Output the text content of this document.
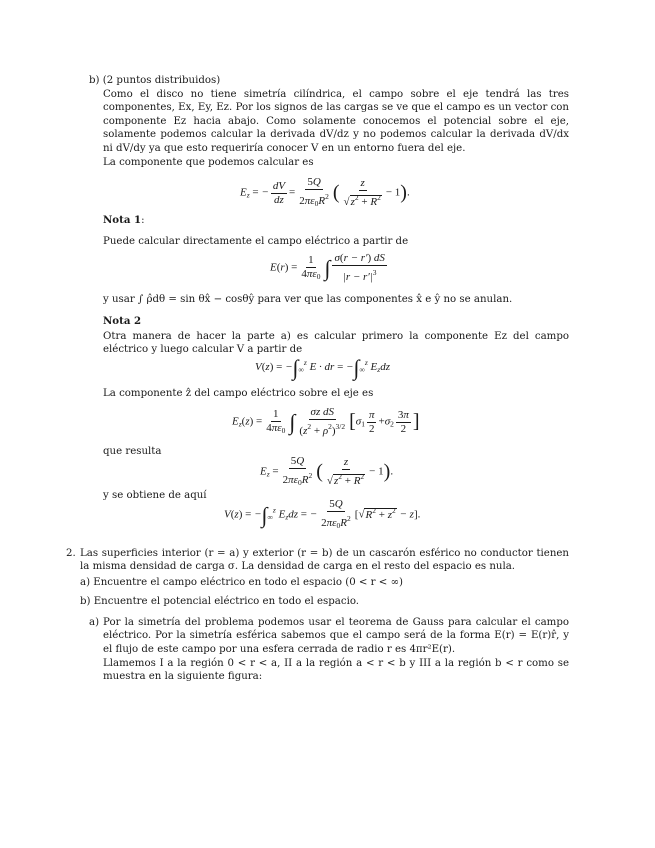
b) (2 puntos distribuidos)
Como el disco no tiene simetría cilíndrica, el campo sobre el eje tendrá las tres componentes, Ex, Ey, Ez. Por los signos de las cargas se ve que el campo es un vector con componente Ez hacia abajo. Como solamente conocemos el potencial sobre el eje, solamente podemos calcular la derivada dV/dz y no podemos calcular la derivada dV/dx ni dV/dy ya que esto requeriría conocer V en un entorno fuera del eje.
La componente que podemos calcular es
$E_z$ = − $\frac{dV}{dz} = \frac{5Q}{2\pi\varepsilon_0R^2}$ ( $\frac{z}{√z^2 + R^2} - 1$).
Nota 1:
Puede calcular directamente el campo eléctrico a partir de
$E(r) = \frac{1}{4\pi\varepsilon_0}$ ∫ $\frac{\sigma(r - r') dS}{|r - r'|^3}$
y usar ∫ ρ̂dθ = sin θx̂ − cosθŷ para ver que las componentes x̂ e ŷ no se anulan.
Nota 2
Otra manera de hacer la parte a) es calcular primero la componente Ez del campo eléctrico y luego calcular V a partir de
$V(z) = -\int_\infty^z$ E · dr = $-\int_\infty^z$ $E_zdz$
La componente ẑ del campo eléctrico sobre el eje es
$E_z(z) = \frac{1}{4\pi\varepsilon_0}$ ∫ $\frac{\text{σz dS}}{(z^2 + \rho^2)^{3/2}} [\sigma_1 \frac{\pi}{2} +\sigma_2 \frac{3\pi}{2}$ ]
que resulta
$E_z = \frac{5Q}{2\pi\varepsilon_0R^2}$ ( $\frac{z}{√z^2 + R^2} - 1$).
y se obtiene de aquí
$V(z) = -\int_\infty^z$ $E_zdz$ = − $\frac{5Q}{2\pi\varepsilon_0R^2} [√R^2 + z^2 - z]$.
2. Las superficies interior (r = a) y exterior (r = b) de un cascarón esférico no conductor tienen la misma densidad de carga σ. La densidad de carga en el resto del espacio es nula.
a) Encuentre el campo eléctrico en todo el espacio (0 < r < ∞)
b) Encuentre el potencial eléctrico en todo el espacio.
a) Por la simetría del problema podemos usar el teorema de Gauss para calcular el campo eléctrico. Por la simetría esférica sabemos que el campo será de la forma E(r) = E(r)r̂, y el flujo de este campo por una esfera cerrada de radio r es 4πr²E(r).
Llamemos I a la región 0 < r < a, II a la región a < r < b y III a la región b < r como se muestra en la siguiente figura:
